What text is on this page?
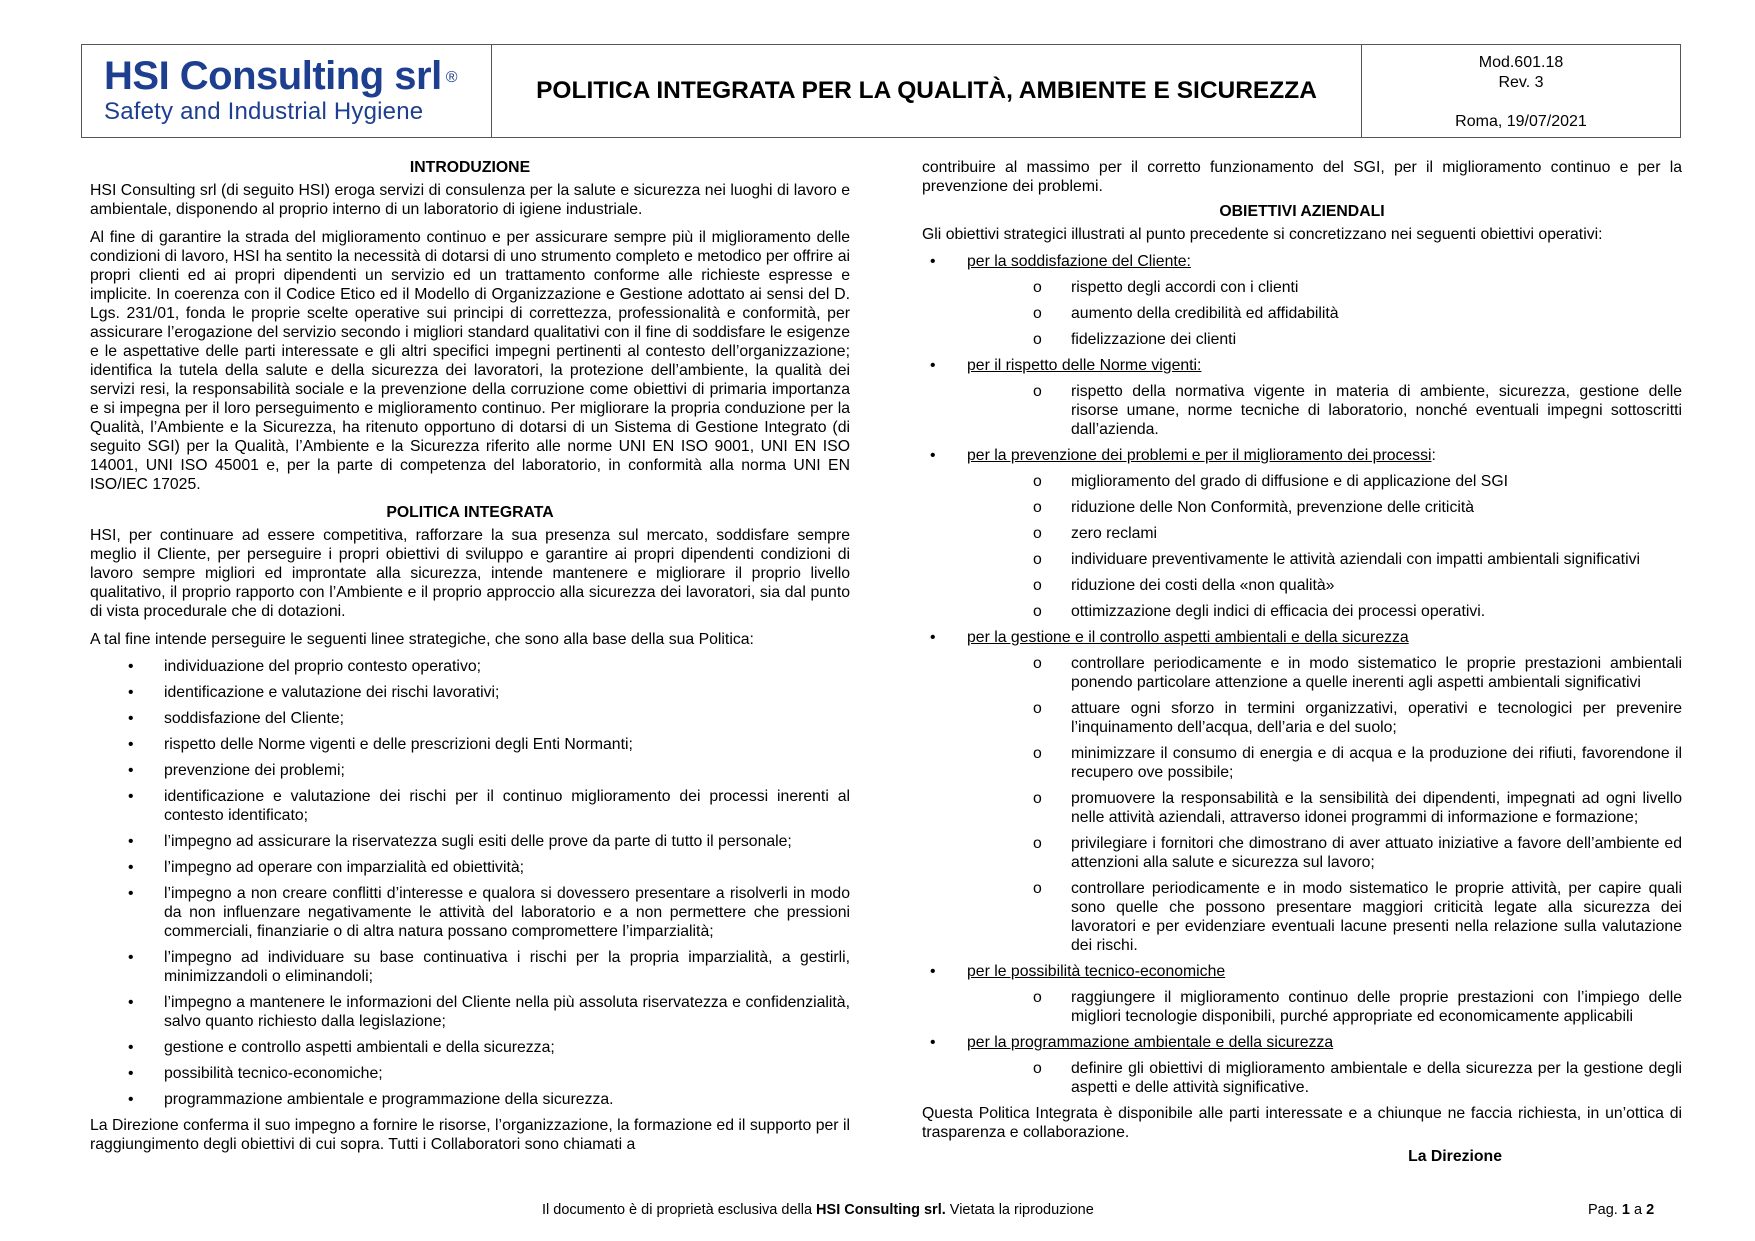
HSI Consulting srl ®
Safety and Industrial Hygiene
POLITICA INTEGRATA PER LA QUALITÀ, AMBIENTE E SICUREZZA
Mod.601.18
Rev. 3
Roma, 19/07/2021
INTRODUZIONE

HSI Consulting srl (di seguito HSI) eroga servizi di consulenza per la salute e sicurezza nei luoghi di lavoro e ambientale, disponendo al proprio interno di un laboratorio di igiene industriale.

Al fine di garantire la strada del miglioramento continuo e per assicurare sempre più il miglioramento delle condizioni di lavoro, HSI ha sentito la necessità di dotarsi di uno strumento completo e metodico per offrire ai propri clienti ed ai propri dipendenti un servizio ed un trattamento conforme alle richieste espresse e implicite. In coerenza con il Codice Etico ed il Modello di Organizzazione e Gestione adottato ai sensi del D. Lgs. 231/01, fonda le proprie scelte operative sui principi di correttezza, professionalità e conformità, per assicurare l’erogazione del servizio secondo i migliori standard qualitativi con il fine di soddisfare le esigenze e le aspettative delle parti interessate e gli altri specifici impegni pertinenti al contesto dell’organizzazione; identifica la tutela della salute e della sicurezza dei lavoratori, la protezione dell’ambiente, la qualità dei servizi resi, la responsabilità sociale e la prevenzione della corruzione come obiettivi di primaria importanza e si impegna per il loro perseguimento e miglioramento continuo. Per migliorare la propria conduzione per la Qualità, l’Ambiente e la Sicurezza, ha ritenuto opportuno di dotarsi di un Sistema di Gestione Integrato (di seguito SGI) per la Qualità, l’Ambiente e la Sicurezza riferito alle norme UNI EN ISO 9001, UNI EN ISO 14001, UNI ISO 45001 e, per la parte di competenza del laboratorio, in conformità alla norma UNI EN ISO/IEC 17025.

POLITICA INTEGRATA

HSI, per continuare ad essere competitiva, rafforzare la sua presenza sul mercato, soddisfare sempre meglio il Cliente, per perseguire i propri obiettivi di sviluppo e garantire ai propri dipendenti condizioni di lavoro sempre migliori ed improntate alla sicurezza, intende mantenere e migliorare il proprio livello qualitativo, il proprio rapporto con l’Ambiente e il proprio approccio alla sicurezza dei lavoratori, sia dal punto di vista procedurale che di dotazioni.

A tal fine intende perseguire le seguenti linee strategiche, che sono alla base della sua Politica:

• individuazione del proprio contesto operativo;
• identificazione e valutazione dei rischi lavorativi;
• soddisfazione del Cliente;
• rispetto delle Norme vigenti e delle prescrizioni degli Enti Normanti;
• prevenzione dei problemi;
• identificazione e valutazione dei rischi per il continuo miglioramento dei processi inerenti al contesto identificato;
• l’impegno ad assicurare la riservatezza sugli esiti delle prove da parte di tutto il personale;
• l’impegno ad operare con imparzialità ed obiettività;
• l’impegno a non creare conflitti d’interesse e qualora si dovessero presentare a risolverli in modo da non influenzare negativamente le attività del laboratorio e a non permettere che pressioni commerciali, finanziarie o di altra natura possano compromettere l’imparzialità;
• l’impegno ad individuare su base continuativa i rischi per la propria imparzialità, a gestirli, minimizzandoli o eliminandoli;
• l’impegno a mantenere le informazioni del Cliente nella più assoluta riservatezza e confidenzialità, salvo quanto richiesto dalla legislazione;
• gestione e controllo aspetti ambientali e della sicurezza;
• possibilità tecnico-economiche;
• programmazione ambientale e programmazione della sicurezza.

La Direzione conferma il suo impegno a fornire le risorse, l’organizzazione, la formazione ed il supporto per il raggiungimento degli obiettivi di cui sopra. Tutti i Collaboratori sono chiamati a

contribuire al massimo per il corretto funzionamento del SGI, per il miglioramento continuo e per la prevenzione dei problemi.

OBIETTIVI AZIENDALI

Gli obiettivi strategici illustrati al punto precedente si concretizzano nei seguenti obiettivi operativi:

• per la soddisfazione del Cliente:
o rispetto degli accordi con i clienti
o aumento della credibilità ed affidabilità
o fidelizzazione dei clienti
• per il rispetto delle Norme vigenti:
o rispetto della normativa vigente in materia di ambiente, sicurezza, gestione delle risorse umane, norme tecniche di laboratorio, nonché eventuali impegni sottoscritti dall’azienda.
• per la prevenzione dei problemi e per il miglioramento dei processi:
o miglioramento del grado di diffusione e di applicazione del SGI
o riduzione delle Non Conformità, prevenzione delle criticità
o zero reclami
o individuare preventivamente le attività aziendali con impatti ambientali significativi
o riduzione dei costi della «non qualità»
o ottimizzazione degli indici di efficacia dei processi operativi.
• per la gestione e il controllo aspetti ambientali e della sicurezza
o controllare periodicamente e in modo sistematico le proprie prestazioni ambientali ponendo particolare attenzione a quelle inerenti agli aspetti ambientali significativi
o attuare ogni sforzo in termini organizzativi, operativi e tecnologici per prevenire l’inquinamento dell’acqua, dell’aria e del suolo;
o minimizzare il consumo di energia e di acqua e la produzione dei rifiuti, favorendone il recupero ove possibile;
o promuovere la responsabilità e la sensibilità dei dipendenti, impegnati ad ogni livello nelle attività aziendali, attraverso idonei programmi di informazione e formazione;
o privilegiare i fornitori che dimostrano di aver attuato iniziative a favore dell’ambiente ed attenzioni alla salute e sicurezza sul lavoro;
o controllare periodicamente e in modo sistematico le proprie attività, per capire quali sono quelle che possono presentare maggiori criticità legate alla sicurezza dei lavoratori e per evidenziare eventuali lacune presenti nella relazione sulla valutazione dei rischi.
• per le possibilità tecnico-economiche
o raggiungere il miglioramento continuo delle proprie prestazioni con l’impiego delle migliori tecnologie disponibili, purché appropriate ed economicamente applicabili
• per la programmazione ambientale e della sicurezza
o definire gli obiettivi di miglioramento ambientale e della sicurezza per la gestione degli aspetti e delle attività significative.

Questa Politica Integrata è disponibile alle parti interessate e a chiunque ne faccia richiesta, in un’ottica di trasparenza e collaborazione.

La Direzione
Il documento è di proprietà esclusiva della HSI Consulting srl. Vietata la riproduzione	Pag. 1 a 2
